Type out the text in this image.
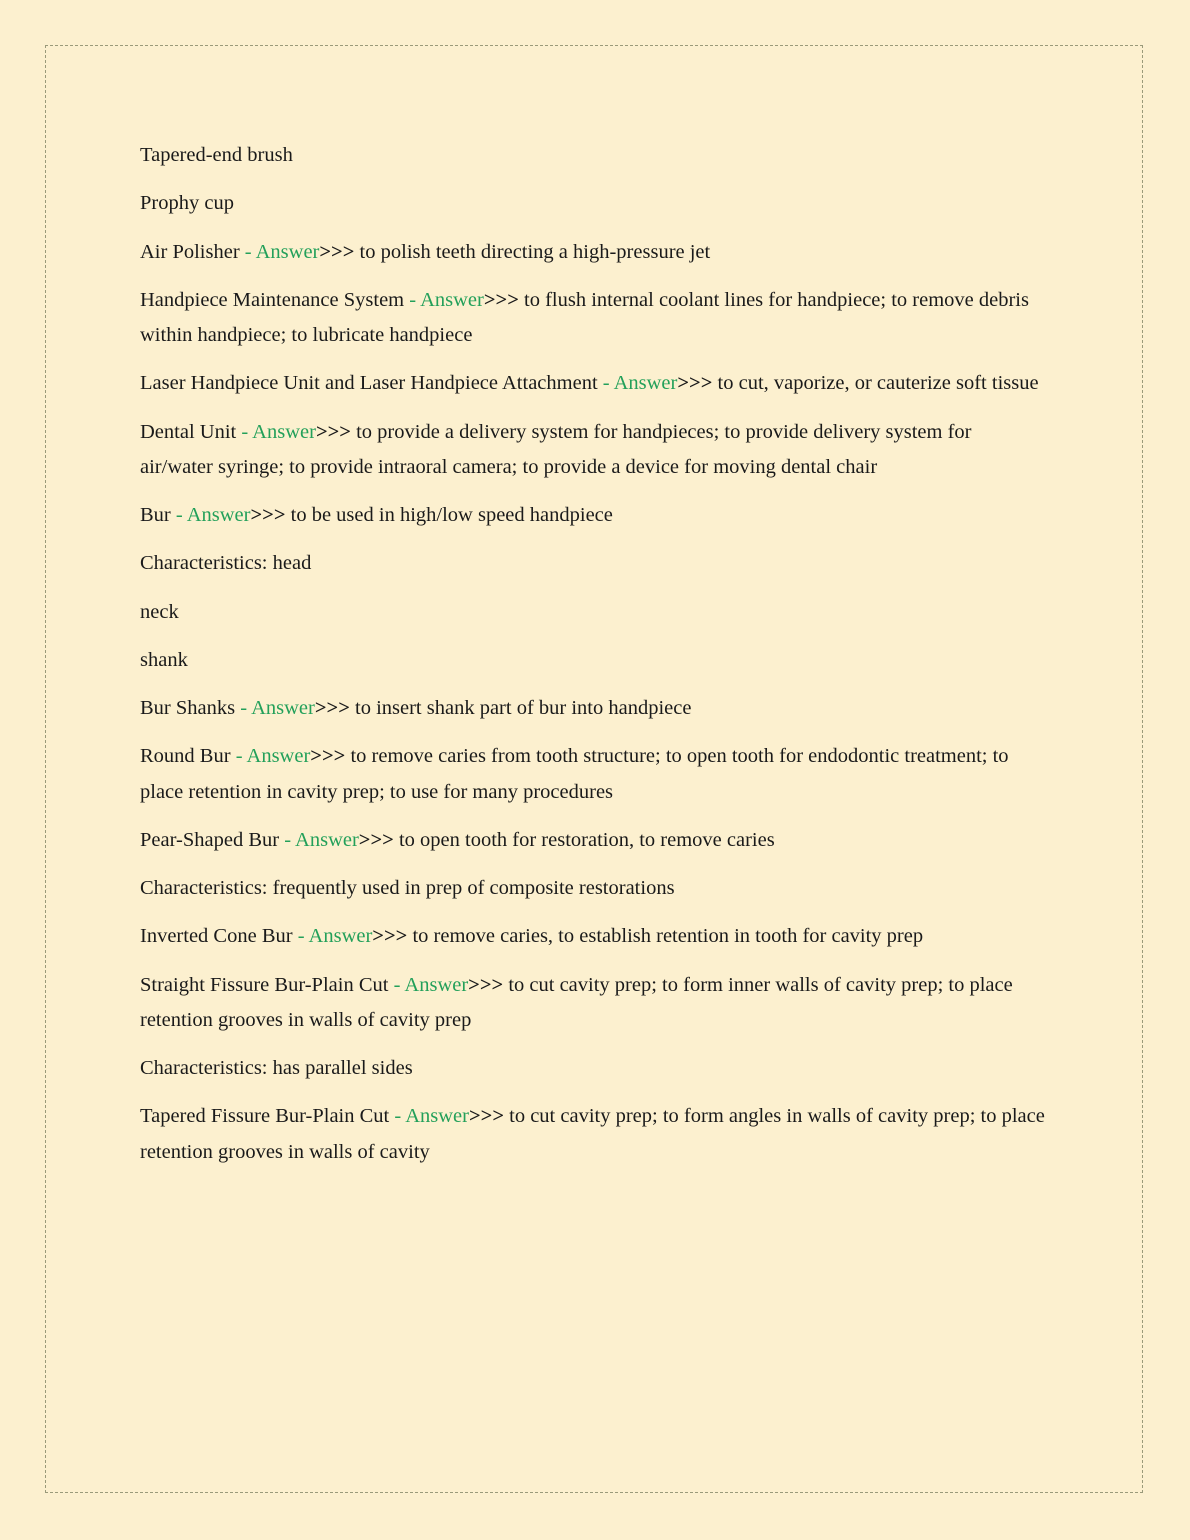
Tapered-end brush

Prophy cup

Air Polisher - Answer>>> to polish teeth directing a high-pressure jet

Handpiece Maintenance System - Answer>>> to flush internal coolant lines for handpiece; to remove debris within handpiece; to lubricate handpiece

Laser Handpiece Unit and Laser Handpiece Attachment - Answer>>> to cut, vaporize, or cauterize soft tissue

Dental Unit - Answer>>> to provide a delivery system for handpieces; to provide delivery system for air/water syringe; to provide intraoral camera; to provide a device for moving dental chair

Bur - Answer>>> to be used in high/low speed handpiece

Characteristics: head

neck

shank

Bur Shanks - Answer>>> to insert shank part of bur into handpiece

Round Bur - Answer>>> to remove caries from tooth structure; to open tooth for endodontic treatment; to place retention in cavity prep; to use for many procedures

Pear-Shaped Bur - Answer>>> to open tooth for restoration, to remove caries

Characteristics: frequently used in prep of composite restorations

Inverted Cone Bur - Answer>>> to remove caries, to establish retention in tooth for cavity prep

Straight Fissure Bur-Plain Cut - Answer>>> to cut cavity prep; to form inner walls of cavity prep; to place retention grooves in walls of cavity prep

Characteristics: has parallel sides

Tapered Fissure Bur-Plain Cut - Answer>>> to cut cavity prep; to form angles in walls of cavity prep; to place retention grooves in walls of cavity
